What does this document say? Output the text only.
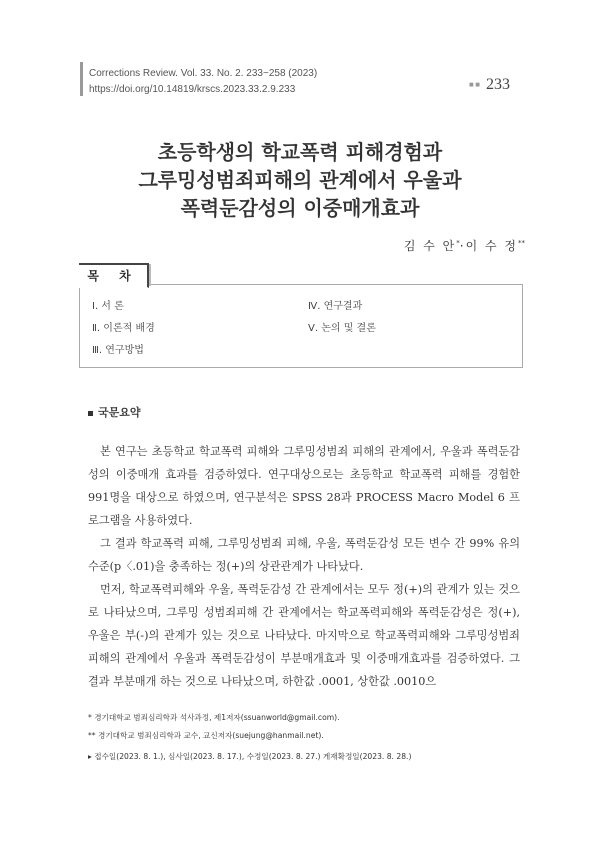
Corrections Review. Vol. 33. No. 2. 233~258 (2023)
https://doi.org/10.14819/krscs.2023.33.2.9.233	■ ■ 233
초등학생의 학교폭력 피해경험과
그루밍성범죄피해의 관계에서 우울과
폭력둔감성의 이중매개효과
김 수 안*·이 수 정**
목 차
Ⅰ. 서 론
Ⅱ. 이론적 배경
Ⅲ. 연구방법
Ⅳ. 연구결과
Ⅴ. 논의 및 결론
국문요약
본 연구는 초등학교 학교폭력 피해와 그루밍성범죄 피해의 관계에서, 우울과 폭력둔감성의 이중매개 효과를 검증하였다. 연구대상으로는 초등학교 학교폭력 피해를 경험한 991명을 대상으로 하였으며, 연구분석은 SPSS 28과 PROCESS Macro Model 6 프로그램을 사용하였다.
그 결과 학교폭력 피해, 그루밍성범죄 피해, 우울, 폭력둔감성 모든 변수 간 99% 유의수준(p〈.01)을 충족하는 정(+)의 상관관계가 나타났다.
먼저, 학교폭력피해와 우울, 폭력둔감성 간 관계에서는 모두 정(+)의 관계가 있는 것으로 나타났으며, 그루밍 성범죄피해 간 관계에서는 학교폭력피해와 폭력둔감성은 정(+), 우울은 부(-)의 관계가 있는 것으로 나타났다. 마지막으로 학교폭력피해와 그루밍성범죄 피해의 관계에서 우울과 폭력둔감성이 부분매개효과 및 이중매개효과를 검증하였다. 그 결과 부분매개 하는 것으로 나타났으며, 하한값 .0001, 상한값 .0010으
* 경기대학교 범죄심리학과 석사과정, 제1저자(ssuanworld@gmail.com).
** 경기대학교 범죄심리학과 교수, 교신저자(suejung@hanmail.net).
▸ 접수일(2023. 8. 1.), 심사일(2023. 8. 17.), 수정일(2023. 8. 27.) 게재확정일(2023. 8. 28.)
